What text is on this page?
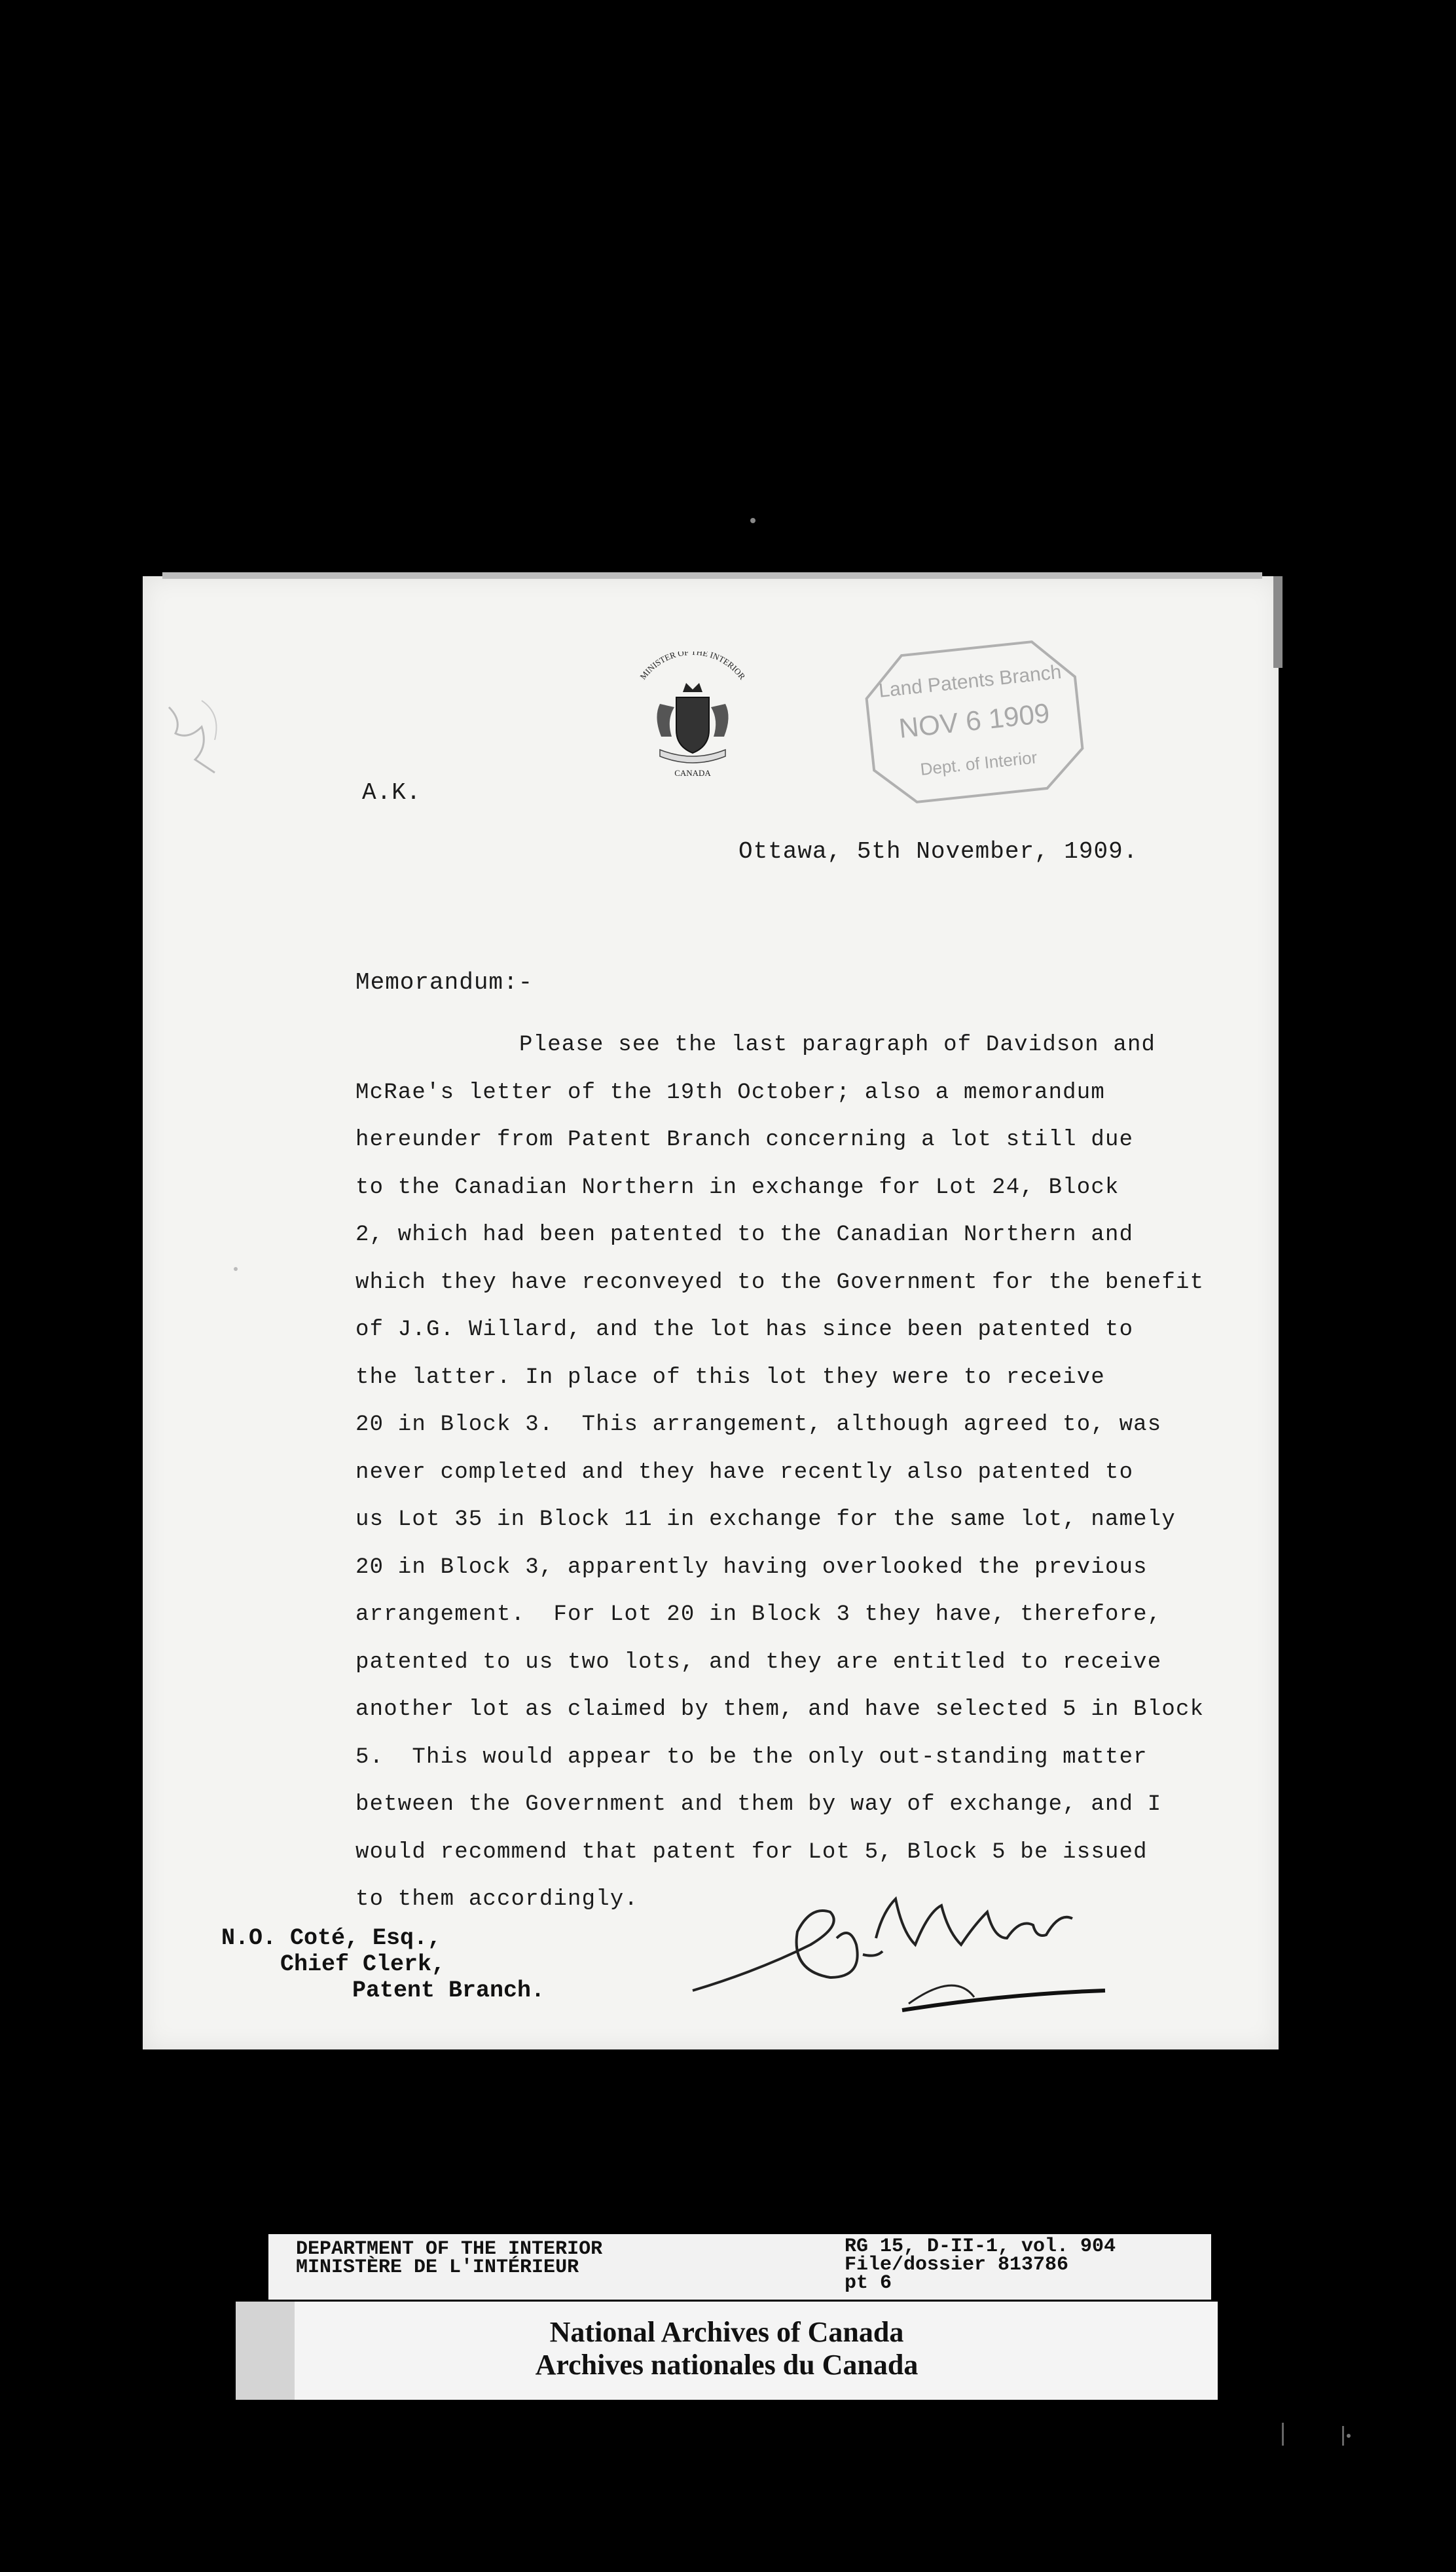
MINISTER OF THE INTERIOR
CANADA
Land Patents Branch
NOV 6 1909
Dept. of Interior

A.K.

Ottawa, 5th November, 1909.

Memorandum:-

Please see the last paragraph of Davidson and
McRae's letter of the 19th October; also a memorandum
hereunder from Patent Branch concerning a lot still due
to the Canadian Northern in exchange for Lot 24, Block
2, which had been patented to the Canadian Northern and
which they have reconveyed to the Government for the benefit
of J.G. Willard, and the lot has since been patented to
the latter. In place of this lot they were to receive
20 in Block 3.  This arrangement, although agreed to, was
never completed and they have recently also patented to
us Lot 35 in Block 11 in exchange for the same lot, namely
20 in Block 3, apparently having overlooked the previous
arrangement.  For Lot 20 in Block 3 they have, therefore,
patented to us two lots, and they are entitled to receive
another lot as claimed by them, and have selected 5 in Block
5.  This would appear to be the only out-standing matter
between the Government and them by way of exchange, and I
would recommend that patent for Lot 5, Block 5 be issued
to them accordingly.
N.O. Coté, Esq.,
Chief Clerk,
Patent Branch.

DEPARTMENT OF THE INTERIOR

MINISTÈRE DE L'INTÉRIEUR

RG 15, D-II-1, vol. 904

File/dossier 813786

pt 6

National Archives of Canada

Archives nationales du Canada
